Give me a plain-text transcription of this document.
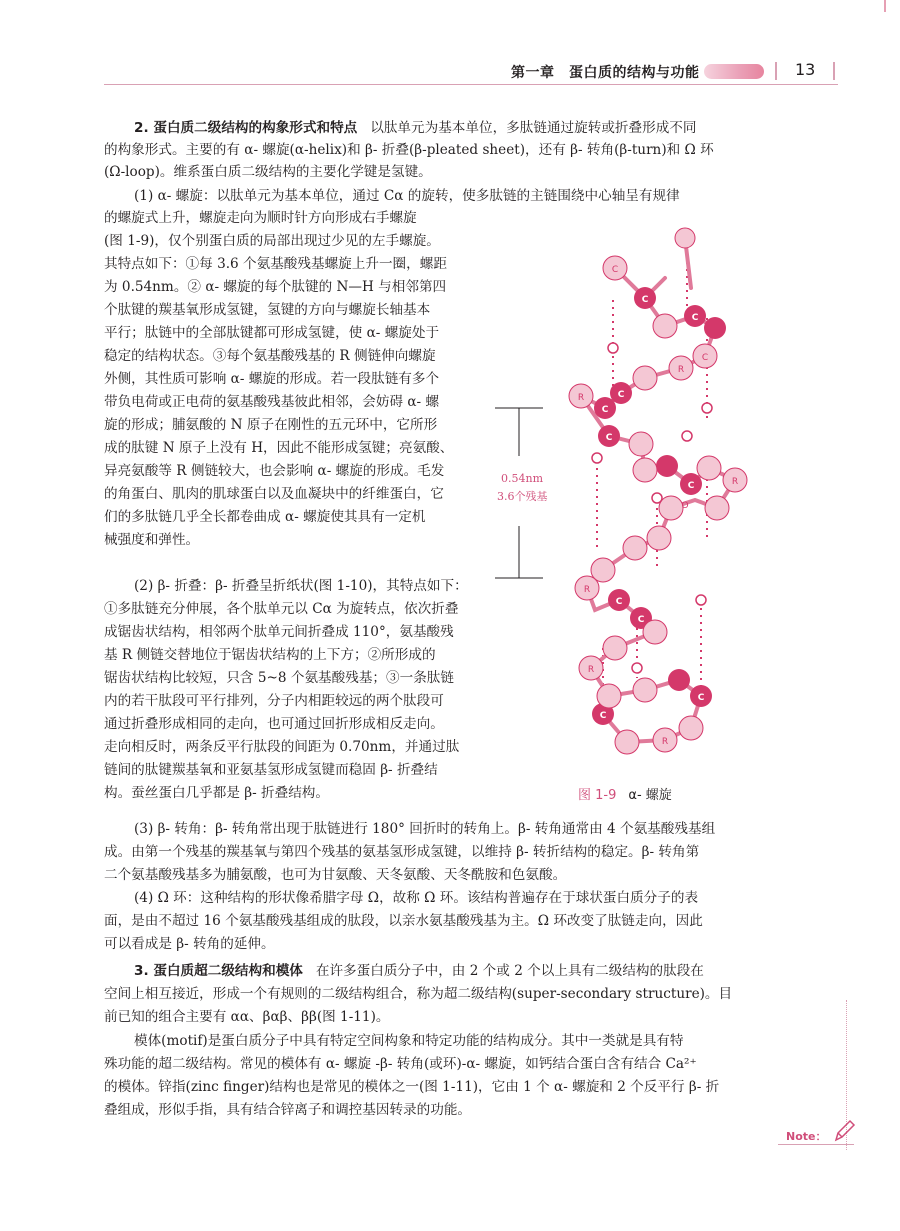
第一章　蛋白质的结构与功能	13

2. 蛋白质二级结构的构象形式和特点 以肽单元为基本单位，多肽链通过旋转或折叠形成不同

的构象形式。主要的有 α- 螺旋(α-helix)和 β- 折叠(β-pleated sheet)，还有 β- 转角(β-turn)和 Ω 环

(Ω-loop)。维系蛋白质二级结构的主要化学键是氢键。

(1) α- 螺旋：以肽单元为基本单位，通过 Cα 的旋转，使多肽链的主链围绕中心轴呈有规律

的螺旋式上升，螺旋走向为顺时针方向形成右手螺旋

(图 1-9)，仅个别蛋白质的局部出现过少见的左手螺旋。

其特点如下：①每 3.6 个氨基酸残基螺旋上升一圈，螺距

为 0.54nm。② α- 螺旋的每个肽键的 N—H 与相邻第四

个肽键的羰基氧形成氢键，氢键的方向与螺旋长轴基本

平行；肽链中的全部肽键都可形成氢键，使 α- 螺旋处于

稳定的结构状态。③每个氨基酸残基的 R 侧链伸向螺旋

外侧，其性质可影响 α- 螺旋的形成。若一段肽链有多个

带负电荷或正电荷的氨基酸残基彼此相邻，会妨碍 α- 螺

旋的形成；脯氨酸的 N 原子在刚性的五元环中，它所形

成的肽键 N 原子上没有 H，因此不能形成氢键；亮氨酸、

异亮氨酸等 R 侧链较大，也会影响 α- 螺旋的形成。毛发

的角蛋白、肌肉的肌球蛋白以及血凝块中的纤维蛋白，它

们的多肽链几乎全长都卷曲成 α- 螺旋使其具有一定机

械强度和弹性。

(2) β- 折叠：β- 折叠呈折纸状(图 1-10)，其特点如下：

①多肽链充分伸展，各个肽单元以 Cα 为旋转点，依次折叠

成锯齿状结构，相邻两个肽单元间折叠成 110°，氨基酸残

基 R 侧链交替地位于锯齿状结构的上下方；②所形成的

锯齿状结构比较短，只含 5~8 个氨基酸残基；③一条肽链

内的若干肽段可平行排列，分子内相距较远的两个肽段可

通过折叠形成相同的走向，也可通过回折形成相反走向。

走向相反时，两条反平行肽段的间距为 0.70nm，并通过肽

链间的肽键羰基氧和亚氨基氢形成氢键而稳固 β- 折叠结

构。蚕丝蛋白几乎都是 β- 折叠结构。

0.54nm
3.6个残基
C
C
C
C
C
C
C
C
C
C
R
R
R
R
R
R
C
C
O
图 1-9 α- 螺旋

(3) β- 转角：β- 转角常出现于肽链进行 180° 回折时的转角上。β- 转角通常由 4 个氨基酸残基组

成。由第一个残基的羰基氧与第四个残基的氨基氢形成氢键，以维持 β- 转折结构的稳定。β- 转角第

二个氨基酸残基多为脯氨酸，也可为甘氨酸、天冬氨酸、天冬酰胺和色氨酸。

(4) Ω 环：这种结构的形状像希腊字母 Ω，故称 Ω 环。该结构普遍存在于球状蛋白质分子的表

面，是由不超过 16 个氨基酸残基组成的肽段，以亲水氨基酸残基为主。Ω 环改变了肽链走向，因此

可以看成是 β- 转角的延伸。

3. 蛋白质超二级结构和模体 在许多蛋白质分子中，由 2 个或 2 个以上具有二级结构的肽段在

空间上相互接近，形成一个有规则的二级结构组合，称为超二级结构(super-secondary structure)。目

前已知的组合主要有 αα、βαβ、ββ(图 1-11)。

模体(motif)是蛋白质分子中具有特定空间构象和特定功能的结构成分。其中一类就是具有特

殊功能的超二级结构。常见的模体有 α- 螺旋 -β- 转角(或环)-α- 螺旋，如钙结合蛋白含有结合 Ca²⁺

的模体。锌指(zinc finger)结构也是常见的模体之一(图 1-11)，它由 1 个 α- 螺旋和 2 个反平行 β- 折

叠组成，形似手指，具有结合锌离子和调控基因转录的功能。

Note：
